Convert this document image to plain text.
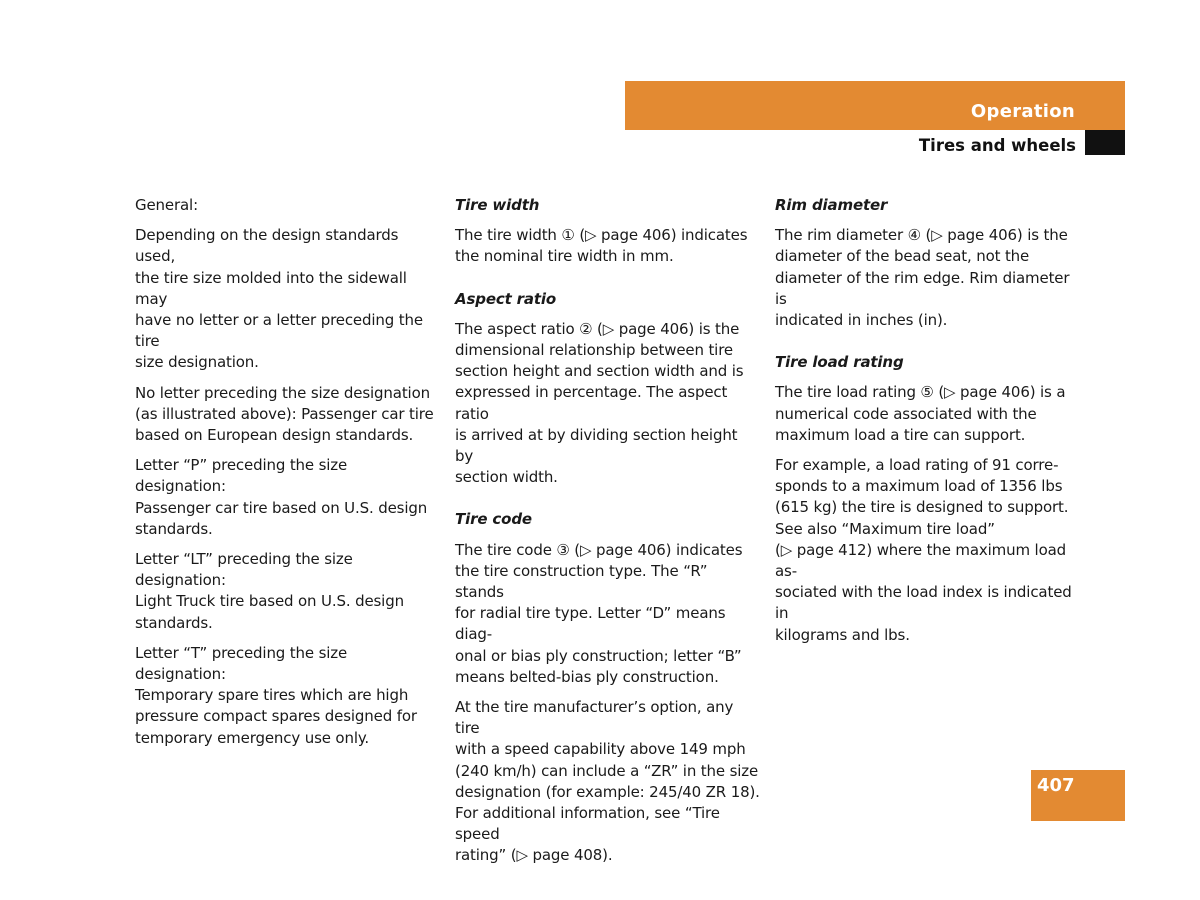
Operation
Tires and wheels

General:

Depending on the design standards used,
the tire size molded into the sidewall may
have no letter or a letter preceding the tire
size designation.

No letter preceding the size designation
(as illustrated above): Passenger car tire
based on European design standards.

Letter “P” preceding the size designation:
Passenger car tire based on U.S. design
standards.

Letter “LT” preceding the size designation:
Light Truck tire based on U.S. design
standards.

Letter “T” preceding the size designation:
Temporary spare tires which are high
pressure compact spares designed for
temporary emergency use only.

Tire width

The tire width ① (▷ page 406) indicates
the nominal tire width in mm.

Aspect ratio

The aspect ratio ② (▷ page 406) is the
dimensional relationship between tire
section height and section width and is
expressed in percentage. The aspect ratio
is arrived at by dividing section height by
section width.

Tire code

The tire code ③ (▷ page 406) indicates
the tire construction type. The “R” stands
for radial tire type. Letter “D” means diag-
onal or bias ply construction; letter “B”
means belted-bias ply construction.

At the tire manufacturer’s option, any tire
with a speed capability above 149 mph
(240 km/h) can include a “ZR” in the size
designation (for example: 245/40 ZR 18).
For additional information, see “Tire speed
rating” (▷ page 408).

Rim diameter

The rim diameter ④ (▷ page 406) is the
diameter of the bead seat, not the
diameter of the rim edge. Rim diameter is
indicated in inches (in).

Tire load rating

The tire load rating ⑤ (▷ page 406) is a
numerical code associated with the
maximum load a tire can support.

For example, a load rating of 91 corre-
sponds to a maximum load of 1356 lbs
(615 kg) the tire is designed to support.
See also “Maximum tire load”
(▷ page 412) where the maximum load as-
sociated with the load index is indicated in
kilograms and lbs.

407
